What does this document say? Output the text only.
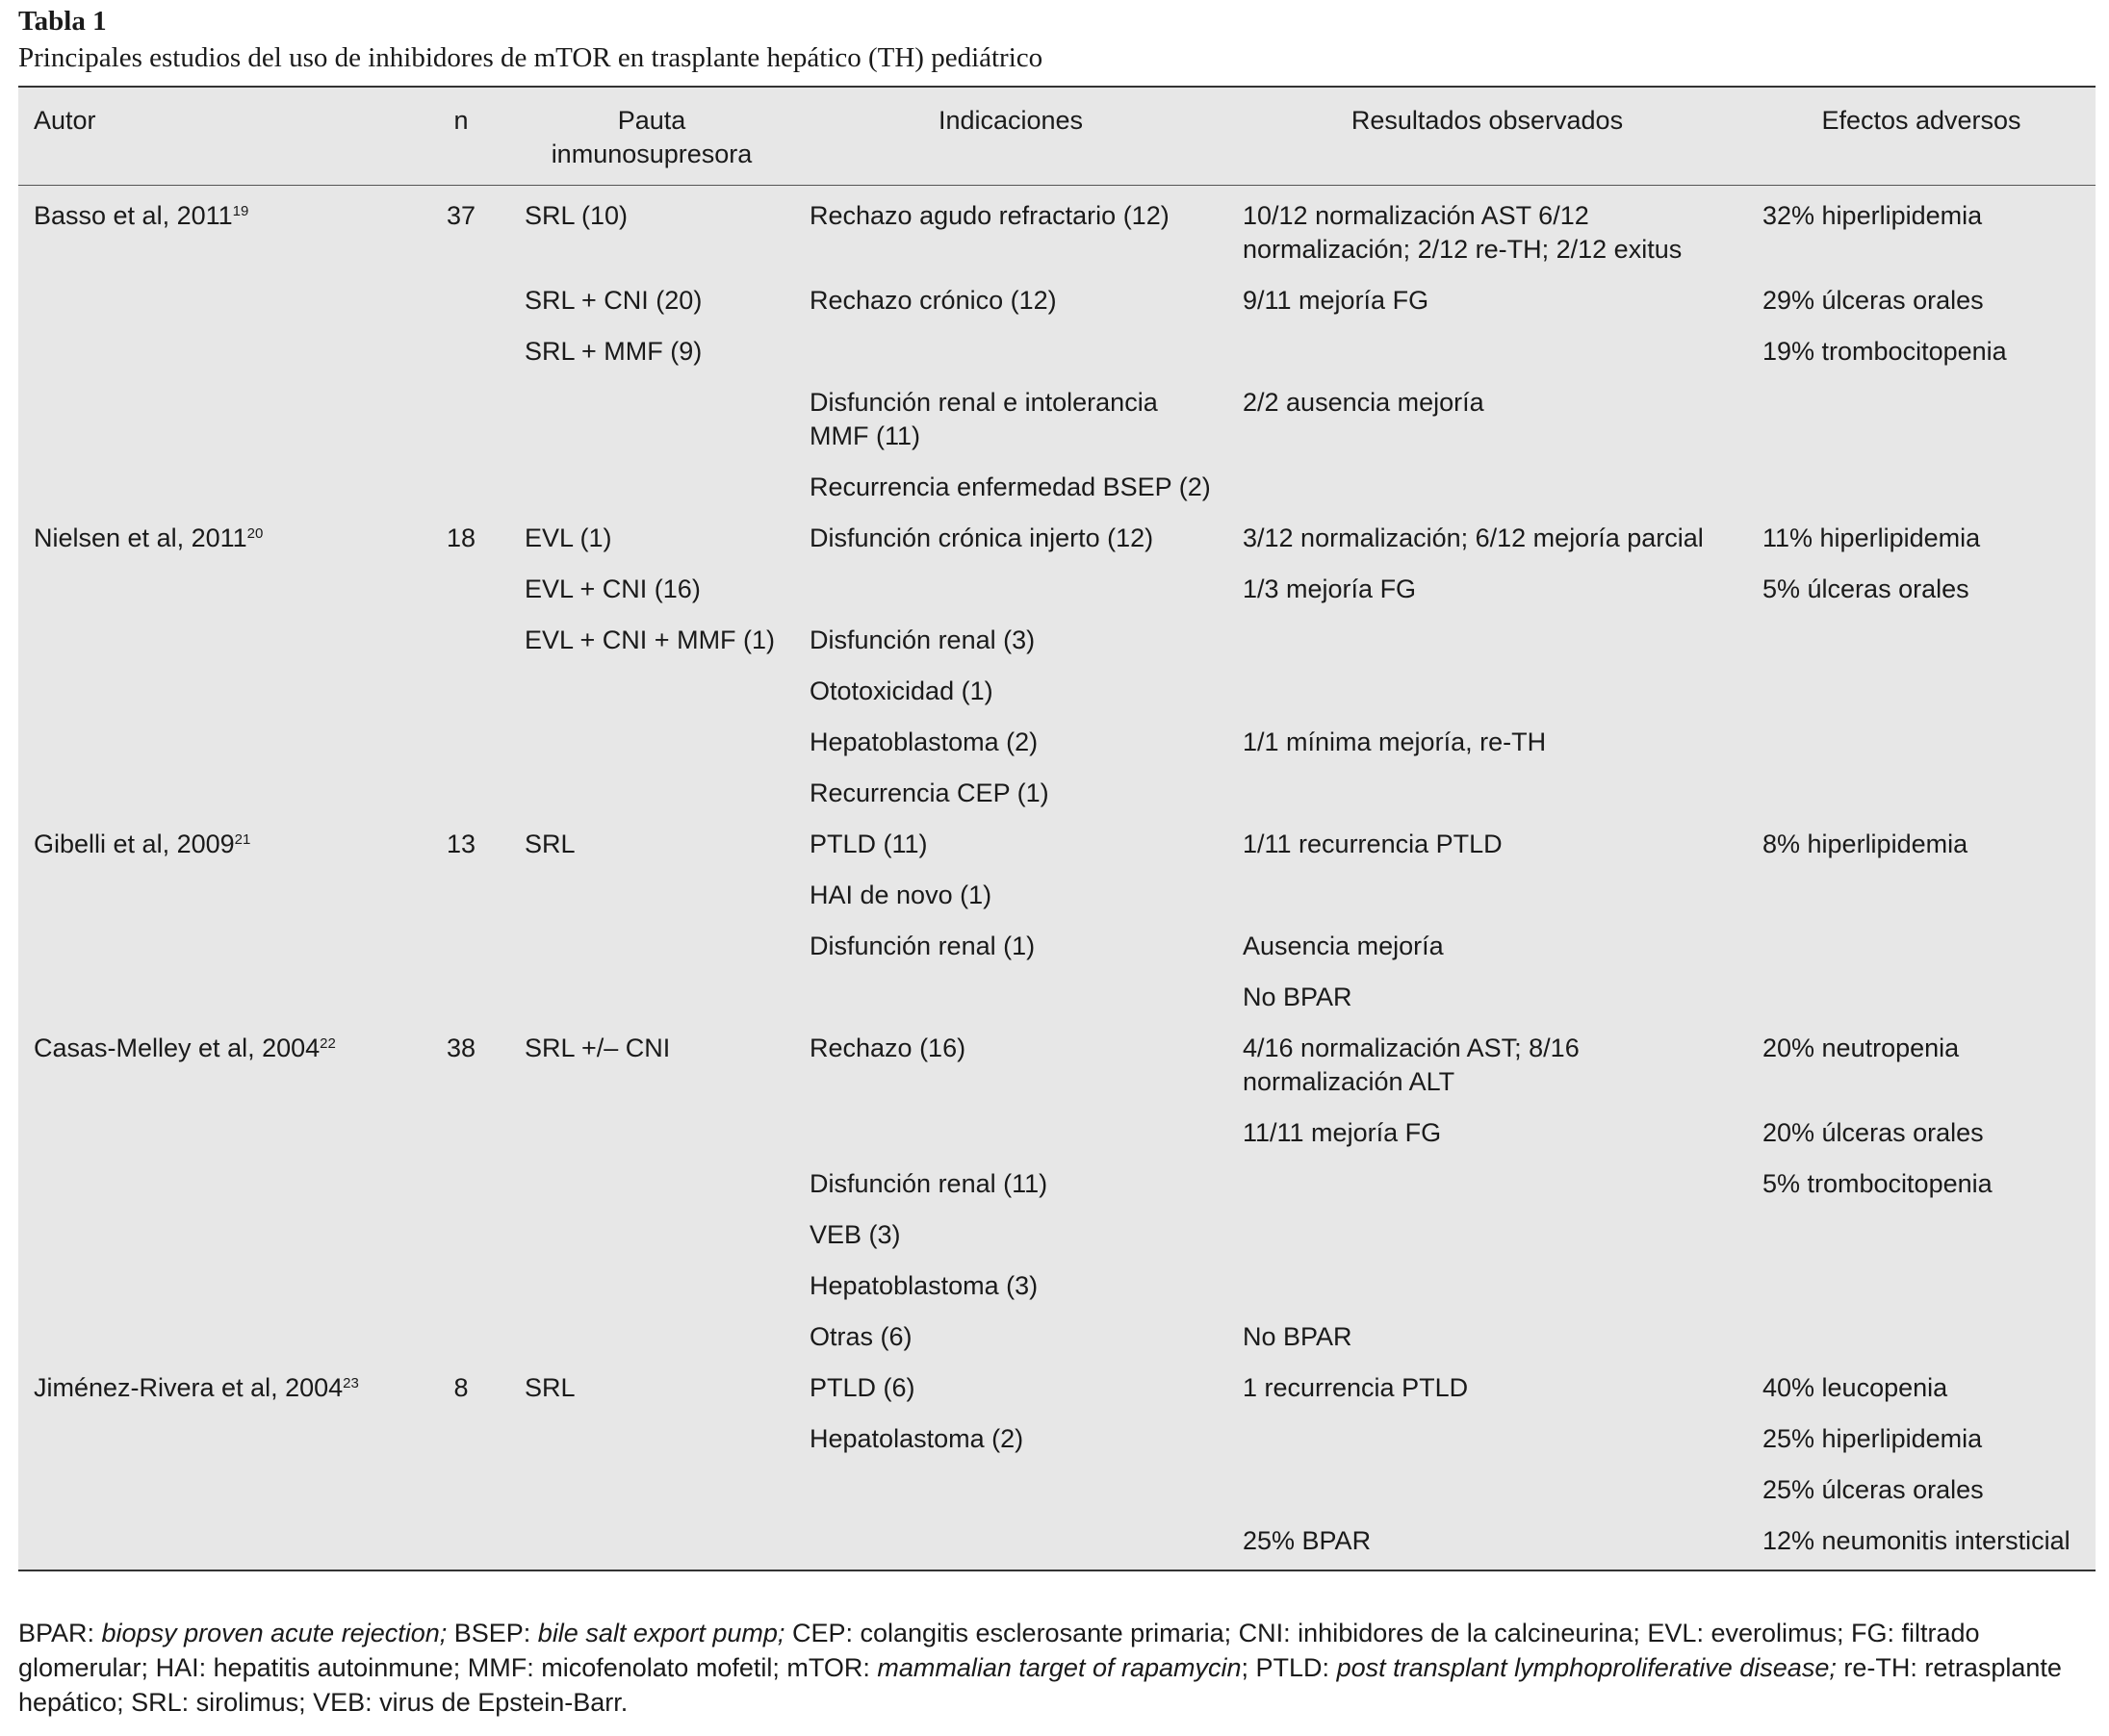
Tabla 1
Principales estudios del uso de inhibidores de mTOR en trasplante hepático (TH) pediátrico
Autor	n	Pauta inmunosupresora	Indicaciones	Resultados observados	Efectos adversos
Basso et al, 2011$^{19}$	37	SRL (10)	Rechazo agudo refractario (12)	10/12 normalización AST 6/12 normalización; 2/12 re-TH; 2/12 exitus	32% hiperlipidemia
		SRL + CNI (20)	Rechazo crónico (12)	9/11 mejoría FG	29% úlceras orales
		SRL + MMF (9)			19% trombocitopenia
			Disfunción renal e intolerancia MMF (11)	2/2 ausencia mejoría	
			Recurrencia enfermedad BSEP (2)		
Nielsen et al, 2011$^{20}$	18	EVL (1)	Disfunción crónica injerto (12)	3/12 normalización; 6/12 mejoría parcial	11% hiperlipidemia
		EVL + CNI (16)		1/3 mejoría FG	5% úlceras orales
		EVL + CNI + MMF (1)	Disfunción renal (3)		
			Ototoxicidad (1)		
			Hepatoblastoma (2)	1/1 mínima mejoría, re-TH	
			Recurrencia CEP (1)		
Gibelli et al, 2009$^{21}$	13	SRL	PTLD (11)	1/11 recurrencia PTLD	8% hiperlipidemia
			HAI de novo (1)		
			Disfunción renal (1)	Ausencia mejoría	
				No BPAR	
Casas-Melley et al, 2004$^{22}$	38	SRL +/– CNI	Rechazo (16)	4/16 normalización AST; 8/16 normalización ALT	20% neutropenia
				11/11 mejoría FG	20% úlceras orales
			Disfunción renal (11)		5% trombocitopenia
			VEB (3)		
			Hepatoblastoma (3)		
			Otras (6)	No BPAR	
Jiménez-Rivera et al, 2004$^{23}$	8	SRL	PTLD (6)	1 recurrencia PTLD	40% leucopenia
			Hepatolastoma (2)		25% hiperlipidemia
					25% úlceras orales
				25% BPAR	12% neumonitis intersticial
BPAR: biopsy proven acute rejection; BSEP: bile salt export pump; CEP: colangitis esclerosante primaria; CNI: inhibidores de la calcineurina; EVL: everolimus; FG: filtrado glomerular; HAI: hepatitis autoinmune; MMF: micofenolato mofetil; mTOR: mammalian target of rapamycin; PTLD: post transplant lymphoproliferative disease; re-TH: retrasplante hepático; SRL: sirolimus; VEB: virus de Epstein-Barr.
